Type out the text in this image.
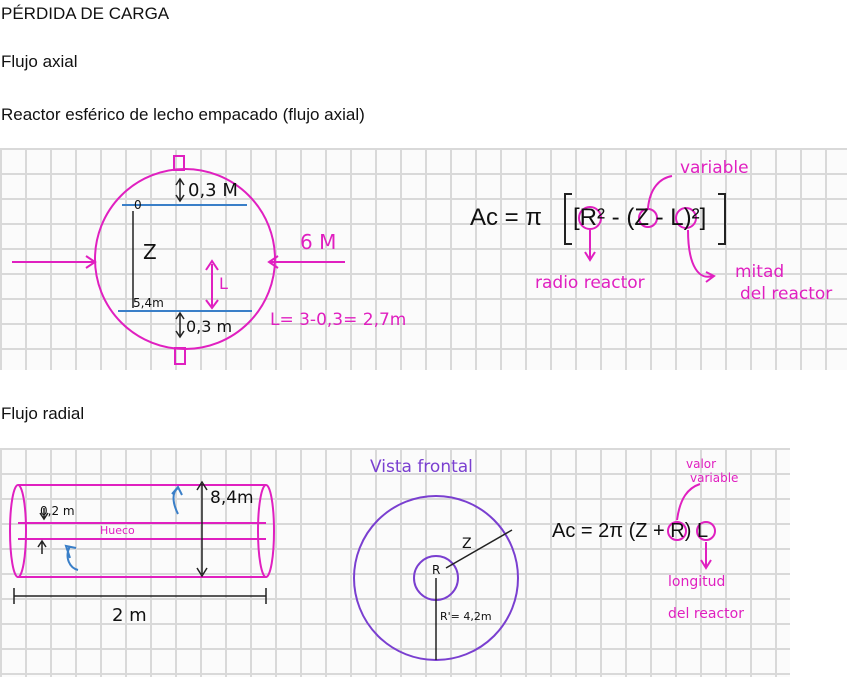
PÉRDIDA DE CARGA
Flujo axial
Reactor esférico de lecho empacado (flujo axial)
Flujo radial
0,3 M
0
Z
5,4m
0,3 m
L
6 M
L= 3-0,3= 2,7m
Ac = π [R² - (Z - L)²]
variable
radio reactor
mitad
del reactor
0,2 m
Hueco
8,4m
2 m
Vista frontal
R
Z
R'= 4,2m
Ac = 2π (Z + R) L
valor
variable
longitud
del reactor
